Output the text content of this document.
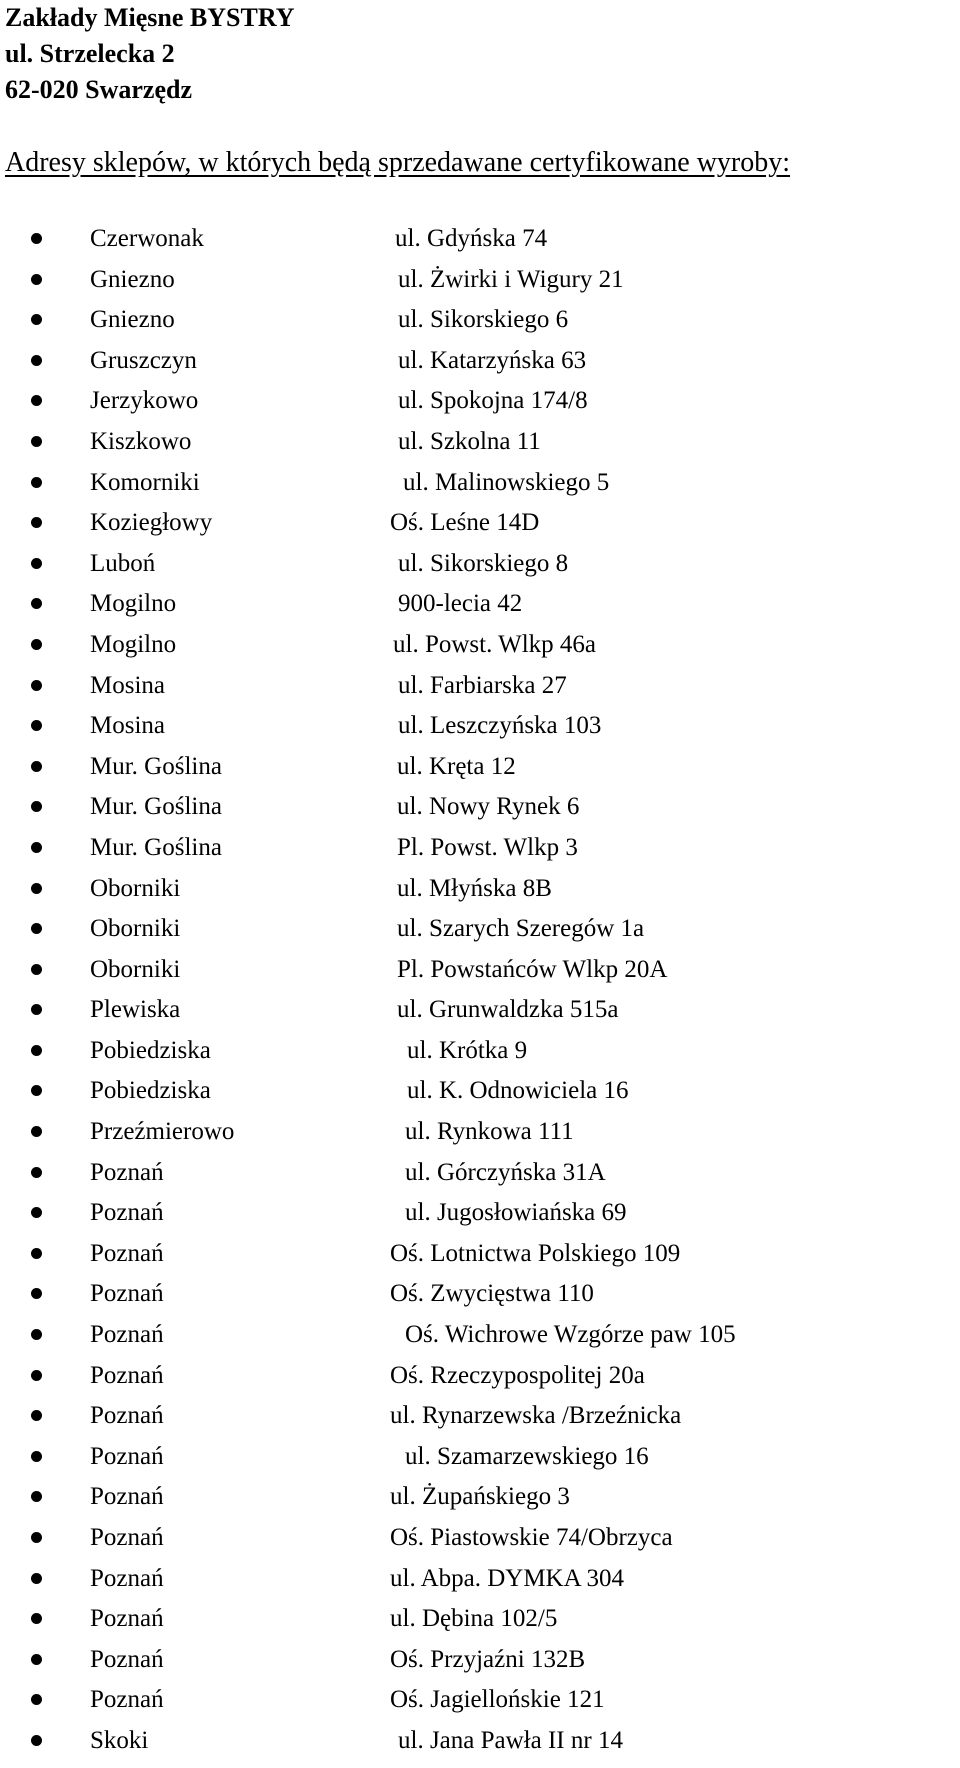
Zakłady Mięsne BYSTRY
ul. Strzelecka 2
62-020 Swarzędz
Adresy sklepów, w których będą sprzedawane certyfikowane wyroby:
Czerwonak	ul. Gdyńska 74
Gniezno	ul. Żwirki i Wigury 21
Gniezno	ul. Sikorskiego 6
Gruszczyn	ul. Katarzyńska 63
Jerzykowo	ul. Spokojna 174/8
Kiszkowo	ul. Szkolna 11
Komorniki	ul. Malinowskiego 5
Koziegłowy	Oś. Leśne 14D
Luboń	ul. Sikorskiego 8
Mogilno	900-lecia 42
Mogilno	ul. Powst. Wlkp 46a
Mosina	ul. Farbiarska 27
Mosina	ul. Leszczyńska 103
Mur. Goślina	ul. Kręta 12
Mur. Goślina	ul. Nowy Rynek 6
Mur. Goślina	Pl. Powst. Wlkp 3
Oborniki	ul. Młyńska 8B
Oborniki	ul. Szarych Szeregów 1a
Oborniki	Pl. Powstańców Wlkp 20A
Plewiska	ul. Grunwaldzka 515a
Pobiedziska	ul. Krótka 9
Pobiedziska	ul. K. Odnowiciela 16
Przeźmierowo	ul. Rynkowa 111
Poznań	ul. Górczyńska 31A
Poznań	ul. Jugosłowiańska 69
Poznań	Oś. Lotnictwa Polskiego 109
Poznań	Oś. Zwycięstwa 110
Poznań	Oś. Wichrowe Wzgórze paw 105
Poznań	Oś. Rzeczypospolitej 20a
Poznań	ul. Rynarzewska /Brzeźnicka
Poznań	ul. Szamarzewskiego 16
Poznań	ul. Żupańskiego 3
Poznań	Oś. Piastowskie 74/Obrzyca
Poznań	ul. Abpa. DYMKA 304
Poznań	ul. Dębina 102/5
Poznań	Oś. Przyjaźni 132B
Poznań	Oś. Jagiellońskie 121
Skoki	ul. Jana Pawła II nr 14
